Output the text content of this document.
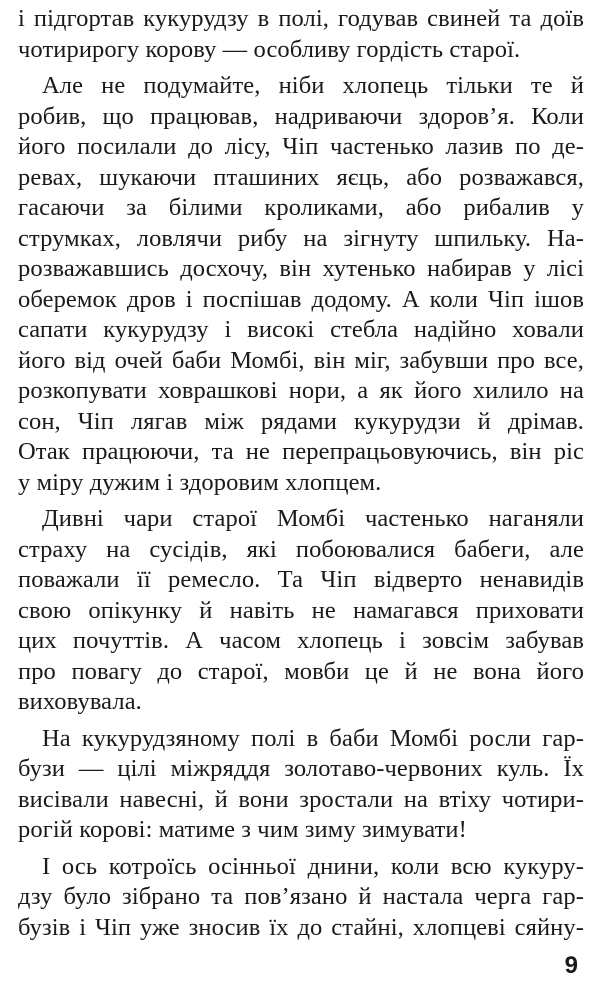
і підгортав кукурудзу в полі, годував свиней та доїв
чотирирогу корову — особливу гордість старої.
Але не подумайте, ніби хлопець тільки те й
робив, що працював, надриваючи здоров’я. Коли
його посилали до лісу, Чіп частенько лазив по де-
ревах, шукаючи пташиних яєць, або розважався,
гасаючи за білими кроликами, або рибалив у
струмках, ловлячи рибу на зігнуту шпильку. На-
розважавшись досхочу, він хутенько набирав у лісі
оберемок дров і поспішав додому. А коли Чіп ішов
сапати кукурудзу і високі стебла надійно ховали
його від очей баби Момбі, він міг, забувши про все,
розкопувати ховрашкові нори, а як його хилило на
сон, Чіп лягав між рядами кукурудзи й дрімав.
Отак працюючи, та не перепрацьовуючись, він ріс
у міру дужим і здоровим хлопцем.
Дивні чари старої Момбі частенько наганяли
страху на сусідів, які побоювалися бабеги, але
поважали її ремесло. Та Чіп відверто ненавидів
свою опікунку й навіть не намагався приховати
цих почуттів. А часом хлопець і зовсім забував
про повагу до старої, мовби це й не вона його
виховувала.
На кукурудзяному полі в баби Момбі росли гар-
бузи — цілі міжряддя золотаво-червоних куль. Їх
висівали навесні, й вони зростали на втіху чотири-
рогій корові: матиме з чим зиму зимувати!
І ось котроїсь осінньої днини, коли всю кукуру-
дзу було зібрано та пов’язано й настала черга гар-
бузів і Чіп уже зносив їх до стайні, хлопцеві сяйну-
9
